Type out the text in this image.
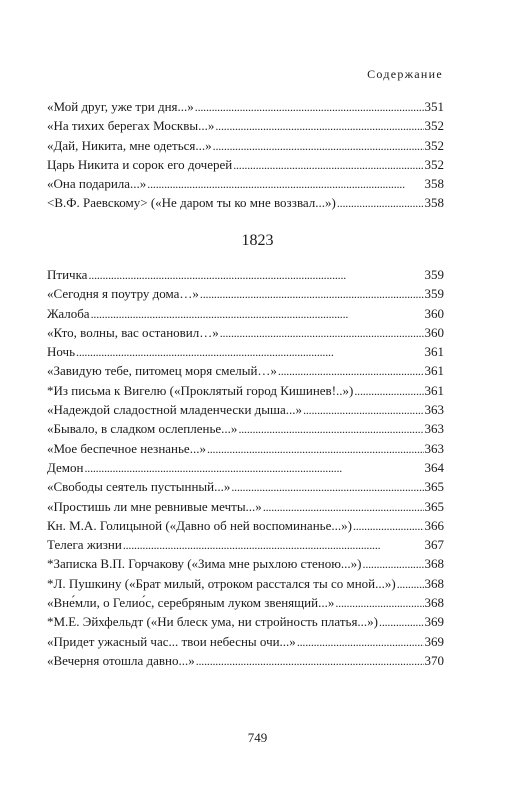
Содержание
«Мой друг, уже три дня...» . . .	351
«На тихих берегах Москвы...» . . .	352
«Дай, Никита, мне одеться...» . . .	352
Царь Никита и сорок его дочерей . . .	352
«Она подарила...» . . .	358
<В.Ф. Раевскому> («Не даром ты ко мне воззвал...») . . .	358
1823
Птичка . . .	359
«Сегодня я поутру дома…» . . .	359
Жалоба . . .	360
«Кто, волны, вас остановил…» . . .	360
Ночь . . .	361
«Завидую тебе, питомец моря смелый…» . . .	361
*Из письма к Вигелю («Проклятый город Кишинев!..») . . .	361
«Надеждой сладостной младенчески дыша...» . . .	363
«Бывало, в сладком ослепленье...» . . .	363
«Мое беспечное незнанье...» . . .	363
Демон . . .	364
«Свободы сеятель пустынный...» . . .	365
«Простишь ли мне ревнивые мечты...» . . .	365
Кн. М.А. Голицыной («Давно об ней воспоминанье...») . . .	366
Телега жизни . . .	367
*Записка В.П. Горчакову («Зима мне рыхлою стеною...») . . .	368
*Л. Пушкину («Брат милый, отроком расстался ты со мной...») . . . 368
«Вне́мли, о Гелио́с, серебряным луком звенящий...» . . .	368
*М.Е. Эйхфельдт («Ни блеск ума, ни стройность платья...») . . .	369
«Придет ужасный час... твои небесны очи...» . . .	369
«Вечерня отошла давно...» . . .	370
749
